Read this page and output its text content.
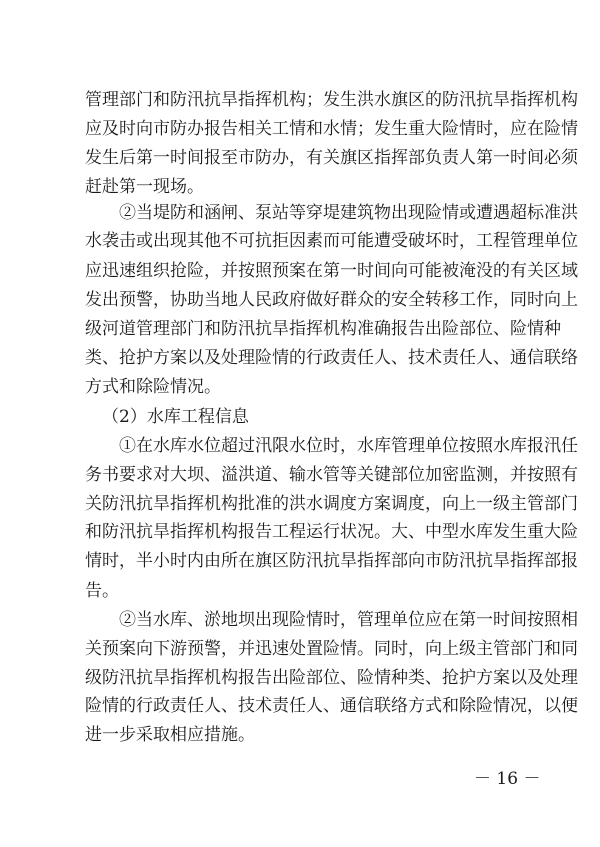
管理部门和防汛抗旱指挥机构；发生洪水旗区的防汛抗旱指挥机构
应及时向市防办报告相关工情和水情；发生重大险情时，应在险情
发生后第一时间报至市防办，有关旗区指挥部负责人第一时间必须
赶赴第一现场。
②当堤防和涵闸、泵站等穿堤建筑物出现险情或遭遇超标准洪
水袭击或出现其他不可抗拒因素而可能遭受破坏时，工程管理单位
应迅速组织抢险，并按照预案在第一时间向可能被淹没的有关区域
发出预警，协助当地人民政府做好群众的安全转移工作，同时向上
级河道管理部门和防汛抗旱指挥机构准确报告出险部位、险情种
类、抢护方案以及处理险情的行政责任人、技术责任人、通信联络
方式和除险情况。
（2）水库工程信息
①在水库水位超过汛限水位时，水库管理单位按照水库报汛任
务书要求对大坝、溢洪道、输水管等关键部位加密监测，并按照有
关防汛抗旱指挥机构批准的洪水调度方案调度，向上一级主管部门
和防汛抗旱指挥机构报告工程运行状况。大、中型水库发生重大险
情时，半小时内由所在旗区防汛抗旱指挥部向市防汛抗旱指挥部报
告。
②当水库、淤地坝出现险情时，管理单位应在第一时间按照相
关预案向下游预警，并迅速处置险情。同时，向上级主管部门和同
级防汛抗旱指挥机构报告出险部位、险情种类、抢护方案以及处理
险情的行政责任人、技术责任人、通信联络方式和除险情况，以便
进一步采取相应措施。
－ 16 －
